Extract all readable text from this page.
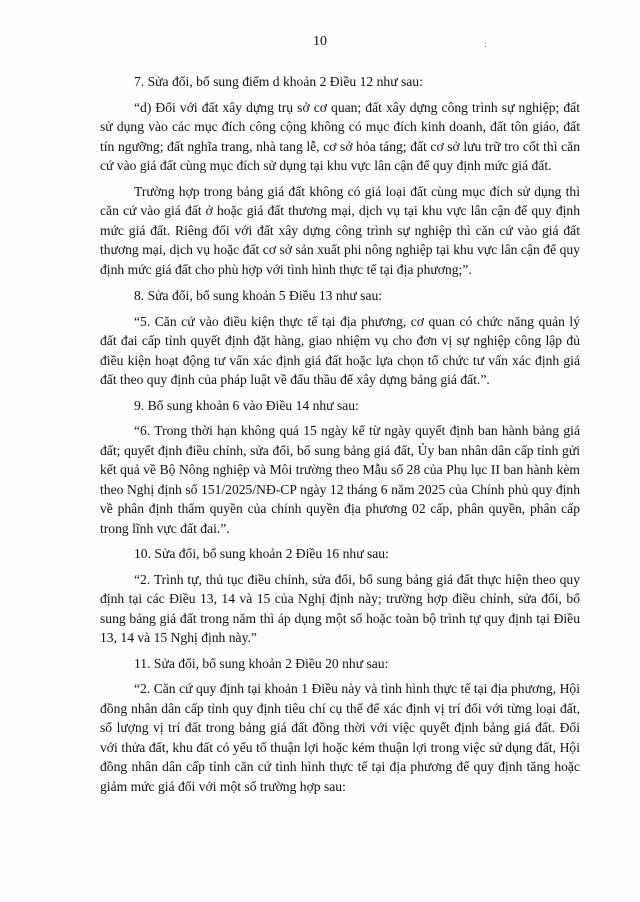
10	:

7. Sửa đổi, bổ sung điểm d khoản 2 Điều 12 như sau:

“d) Đối với đất xây dựng trụ sở cơ quan; đất xây dựng công trình sự nghiệp; đất sử dụng vào các mục đích công cộng không có mục đích kinh doanh, đất tôn giáo, đất tín ngưỡng; đất nghĩa trang, nhà tang lễ, cơ sở hỏa táng; đất cơ sở lưu trữ tro cốt thì căn cứ vào giá đất cùng mục đích sử dụng tại khu vực lân cận để quy định mức giá đất.

Trường hợp trong bảng giá đất không có giá loại đất cùng mục đích sử dụng thì căn cứ vào giá đất ở hoặc giá đất thương mại, dịch vụ tại khu vực lân cận để quy định mức giá đất. Riêng đối với đất xây dựng công trình sự nghiệp thì căn cứ vào giá đất thương mại, dịch vụ hoặc đất cơ sở sản xuất phi nông nghiệp tại khu vực lân cận để quy định mức giá đất cho phù hợp với tình hình thực tế tại địa phương;”.

8. Sửa đổi, bổ sung khoản 5 Điều 13 như sau:

“5. Căn cứ vào điều kiện thực tế tại địa phương, cơ quan có chức năng quản lý đất đai cấp tỉnh quyết định đặt hàng, giao nhiệm vụ cho đơn vị sự nghiệp công lập đủ điều kiện hoạt động tư vấn xác định giá đất hoặc lựa chọn tổ chức tư vấn xác định giá đất theo quy định của pháp luật về đấu thầu để xây dựng bảng giá đất.”.

9. Bổ sung khoản 6 vào Điều 14 như sau:

“6. Trong thời hạn không quá 15 ngày kể từ ngày quyết định ban hành bảng giá đất; quyết định điều chỉnh, sửa đổi, bổ sung bảng giá đất, Ủy ban nhân dân cấp tỉnh gửi kết quả về Bộ Nông nghiệp và Môi trường theo Mẫu số 28 của Phụ lục II ban hành kèm theo Nghị định số 151/2025/NĐ-CP ngày 12 tháng 6 năm 2025 của Chính phủ quy định về phân định thẩm quyền của chính quyền địa phương 02 cấp, phân quyền, phân cấp trong lĩnh vực đất đai.”.

10. Sửa đổi, bổ sung khoản 2 Điều 16 như sau:

“2. Trình tự, thủ tục điều chỉnh, sửa đổi, bổ sung bảng giá đất thực hiện theo quy định tại các Điều 13, 14 và 15 của Nghị định này; trường hợp điều chỉnh, sửa đổi, bổ sung bảng giá đất trong năm thì áp dụng một số hoặc toàn bộ trình tự quy định tại Điều 13, 14 và 15 Nghị định này.”

11. Sửa đổi, bổ sung khoản 2 Điều 20 như sau:

“2. Căn cứ quy định tại khoản 1 Điều này và tình hình thực tế tại địa phương, Hội đồng nhân dân cấp tỉnh quy định tiêu chí cụ thể để xác định vị trí đối với từng loại đất, số lượng vị trí đất trong bảng giá đất đồng thời với việc quyết định bảng giá đất. Đối với thửa đất, khu đất có yếu tố thuận lợi hoặc kém thuận lợi trong việc sử dụng đất, Hội đồng nhân dân cấp tỉnh căn cứ tình hình thực tế tại địa phương để quy định tăng hoặc giảm mức giá đối với một số trường hợp sau:
